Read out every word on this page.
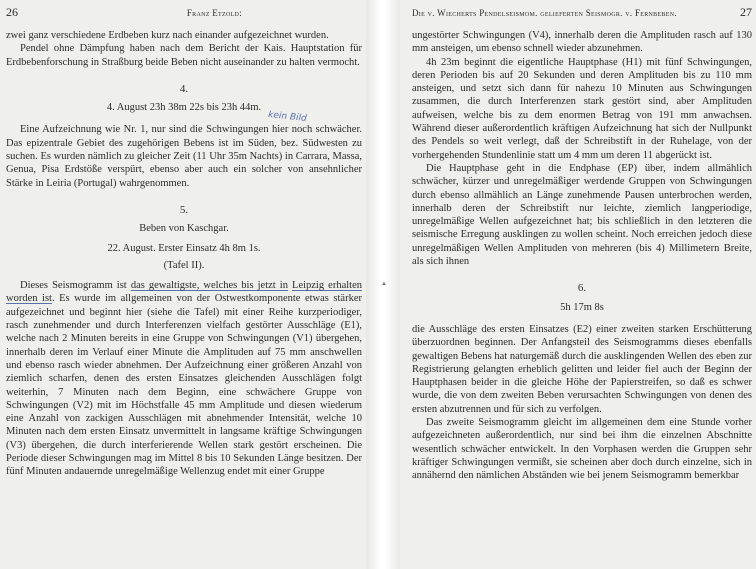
26	Franz Etzold:

zwei ganz verschiedene Erdbeben kurz nach einander aufgezeichnet wurden.

Pendel ohne Dämpfung haben nach dem Bericht der Kais. Hauptstation für Erdbebenforschung in Straßburg beide Beben nicht auseinander zu halten vermocht.

4.
4. August 23h 38m 22s bis 23h 44m.
kein Bild

Eine Aufzeichnung wie Nr. 1, nur sind die Schwingungen hier noch schwächer. Das epizentrale Gebiet des zugehörigen Bebens ist im Süden, bez. Südwesten zu suchen. Es wurden nämlich zu gleicher Zeit (11 Uhr 35m Nachts) in Carrara, Massa, Genua, Pisa Erdstöße verspürt, ebenso aber auch ein solcher von ansehnlicher Stärke in Leiria (Portugal) wahrgenommen.

5.
Beben von Kaschgar.
22. August. Erster Einsatz 4h 8m 1s.
(Tafel II).

Dieses Seismogramm ist das gewaltigste, welches bis jetzt in Leipzig erhalten worden ist. Es wurde im allgemeinen von der Ostwestkomponente etwas stärker aufgezeichnet und beginnt hier (siehe die Tafel) mit einer Reihe kurzperiodiger, rasch zunehmender und durch Interferenzen vielfach gestörter Ausschläge (E1), welche nach 2 Minuten bereits in eine Gruppe von Schwingungen (V1) übergehen, innerhalb deren im Verlauf einer Minute die Amplituden auf 75 mm anschwellen und ebenso rasch wieder abnehmen. Der Aufzeichnung einer größeren Anzahl von ziemlich scharfen, denen des ersten Einsatzes gleichenden Ausschlägen folgt weiterhin, 7 Minuten nach dem Beginn, eine schwächere Gruppe von Schwingungen (V2) mit im Höchstfalle 45 mm Amplitude und diesen wiederum eine Anzahl von zackigen Ausschlägen mit abnehmender Intensität, welche 10 Minuten nach dem ersten Einsatz unvermittelt in langsame kräftige Schwingungen (V3) übergehen, die durch interferierende Wellen stark gestört erscheinen. Die Periode dieser Schwingungen mag im Mittel 8 bis 10 Sekunden Länge besitzen. Der fünf Minuten andauernde unregelmäßige Wellenzug endet mit einer Gruppe

▲
Die v. Wiecherts Pendelseismom. gelieferten Seismogr. v. Fernbeben.	27

ungestörter Schwingungen (V4), innerhalb deren die Amplituden rasch auf 130 mm ansteigen, um ebenso schnell wieder abzunehmen.

4h 23m beginnt die eigentliche Hauptphase (H1) mit fünf Schwingungen, deren Perioden bis auf 20 Sekunden und deren Amplituden bis zu 110 mm ansteigen, und setzt sich dann für nahezu 10 Minuten aus Schwingungen zusammen, die durch Interferenzen stark gestört sind, aber Amplituden aufweisen, welche bis zu dem enormen Betrag von 191 mm anwachsen. Während dieser außerordentlich kräftigen Aufzeichnung hat sich der Nullpunkt des Pendels so weit verlegt, daß der Schreibstift in der Ruhelage, von der vorhergehenden Stundenlinie statt um 4 mm um deren 11 abgerückt ist.

Die Hauptphase geht in die Endphase (EP) über, indem allmählich schwächer, kürzer und unregelmäßiger werdende Gruppen von Schwingungen durch ebenso allmählich an Länge zunehmende Pausen unterbrochen werden, innerhalb deren der Schreibstift nur leichte, ziemlich langperiodige, unregelmäßige Wellen aufgezeichnet hat; bis schließlich in den letzteren die seismische Erregung ausklingen zu wollen scheint. Noch erreichen jedoch diese unregelmäßigen Wellen Amplituden von mehreren (bis 4) Millimetern Breite, als sich ihnen

6.
5h 17m 8s

die Ausschläge des ersten Einsatzes (E2) einer zweiten starken Erschütterung überzuordnen beginnen. Der Anfangsteil des Seismogramms dieses ebenfalls gewaltigen Bebens hat naturgemäß durch die ausklingenden Wellen des eben zur Registrierung gelangten erheblich gelitten und leider fiel auch der Beginn der Hauptphasen beider in die gleiche Höhe der Papierstreifen, so daß es schwer wurde, die von dem zweiten Beben verursachten Schwingungen von denen des ersten abzutrennen und für sich zu verfolgen.

Das zweite Seismogramm gleicht im allgemeinen dem eine Stunde vorher aufgezeichneten außerordentlich, nur sind bei ihm die einzelnen Abschnitte wesentlich schwächer entwickelt. In den Vorphasen werden die Gruppen sehr kräftiger Schwingungen vermißt, sie scheinen aber doch durch einzelne, sich in annähernd den nämlichen Abständen wie bei jenem Seismogramm bemerkbar
